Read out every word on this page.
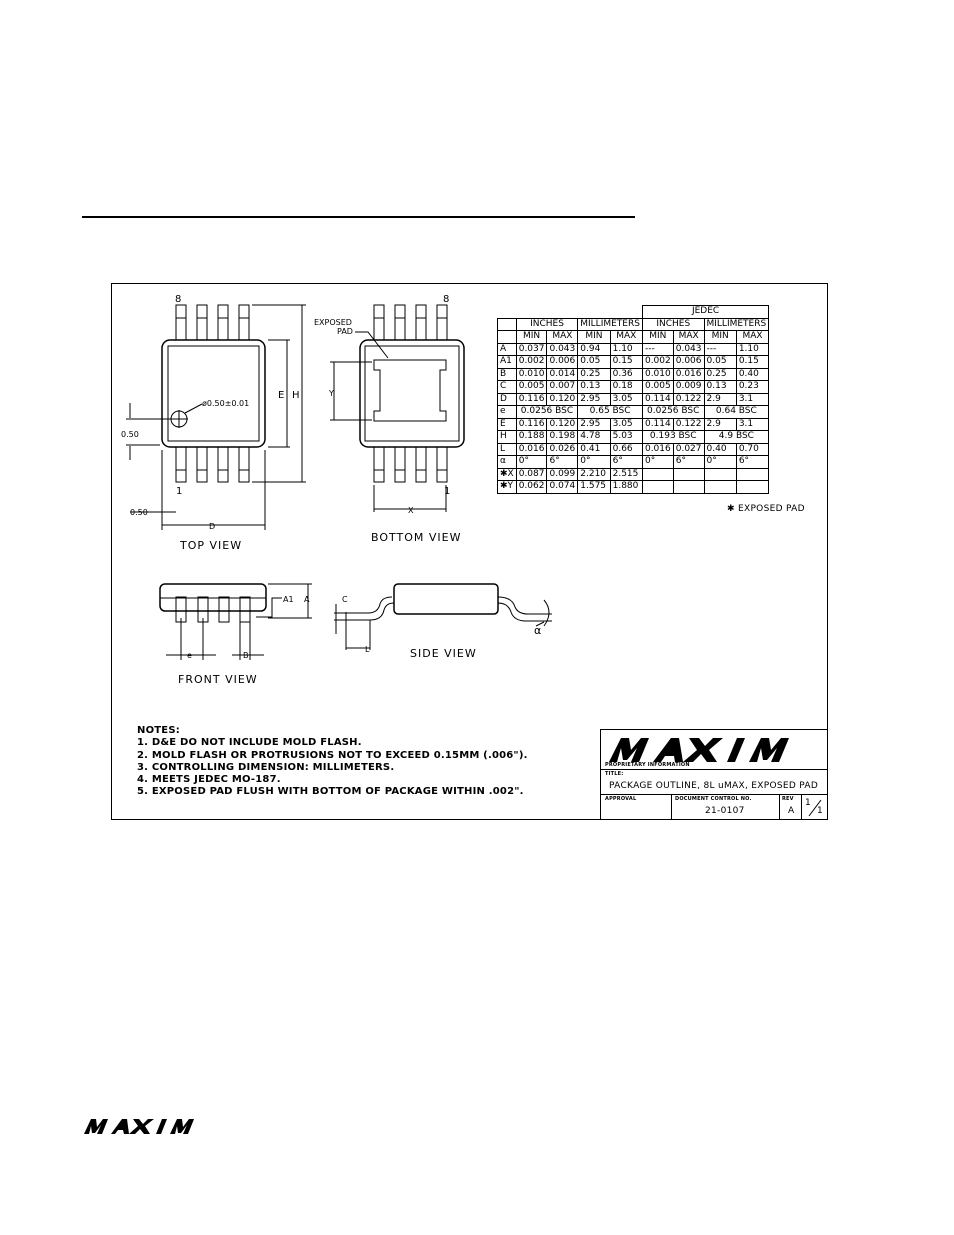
8
1
E H
D
0.50
0.50
ø0.50±0.01
8
1
EXPOSED
PAD
Y
X
A1 A
e	B
C
L
α
TOP VIEW
BOTTOM VIEW
FRONT VIEW
SIDE VIEW
					JEDEC			
	INCHES		MILLIMETERS		INCHES		MILLIMETERS	
	MIN	MAX	MIN	MAX	MIN	MAX	MIN	MAX
A	0.037	0.043	0.94	1.10	---	0.043	---	1.10
A1	0.002	0.006	0.05	0.15	0.002	0.006	0.05	0.15
B	0.010	0.014	0.25	0.36	0.010	0.016	0.25	0.40
C	0.005	0.007	0.13	0.18	0.005	0.009	0.13	0.23
D	0.116	0.120	2.95	3.05	0.114	0.122	2.9	3.1
e	0.0256 BSC		0.65 BSC		0.0256 BSC		0.64 BSC	
E	0.116	0.120	2.95	3.05	0.114	0.122	2.9	3.1
H	0.188	0.198	4.78	5.03	0.193 BSC		4.9 BSC	
L	0.016	0.026	0.41	0.66	0.016	0.027	0.40	0.70
α	0°	6°	0°	6°	0°	6°	0°	6°
✱X	0.087	0.099	2.210	2.515				
✱Y	0.062	0.074	1.575	1.880				
✱ EXPOSED PAD
NOTES:
1. D&E DO NOT INCLUDE MOLD FLASH.
2. MOLD FLASH OR PROTRUSIONS NOT TO EXCEED 0.15MM (.006").
3. CONTROLLING DIMENSION: MILLIMETERS.
4. MEETS JEDEC MO-187.
5. EXPOSED PAD FLUSH WITH BOTTOM OF PACKAGE WITHIN .002".
PROPRIETARY INFORMATION
TITLE:
PACKAGE OUTLINE, 8L uMAX, EXPOSED PAD
APPROVAL	DOCUMENT CONTROL NO.
21-0107
REV
A
1
1
